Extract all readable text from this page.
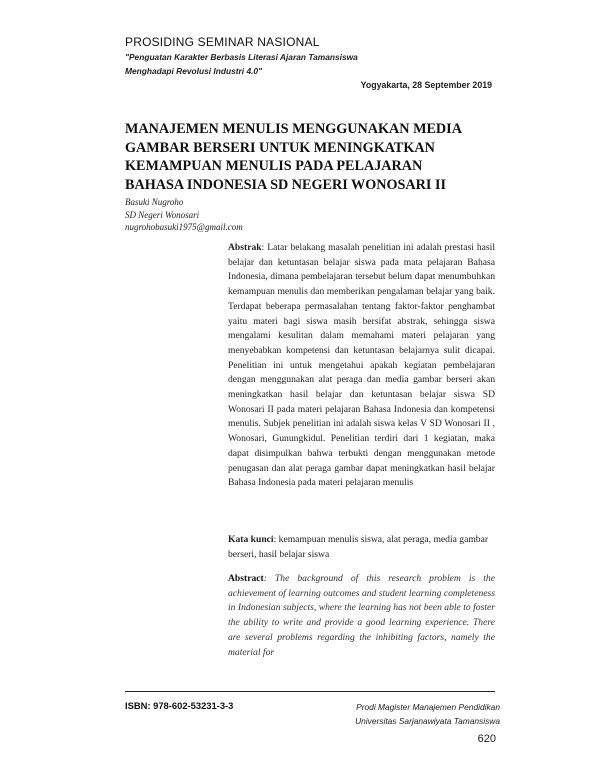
PROSIDING SEMINAR NASIONAL
"Penguatan Karakter Berbasis Literasi Ajaran Tamansiswa
Menghadapi Revolusi Industri 4.0"
Yogyakarta, 28 September 2019
MANAJEMEN MENULIS MENGGUNAKAN MEDIA
GAMBAR BERSERI UNTUK MENINGKATKAN
KEMAMPUAN MENULIS PADA PELAJARAN
BAHASA INDONESIA SD NEGERI WONOSARI II
Basuki Nugroho
SD Negeri Wonosari
nugrohobasuki1975@gmail.com
Abstrak: Latar belakang masalah penelitian ini adalah prestasi hasil belajar dan ketuntasan belajar siswa pada mata pelajaran Bahasa Indonesia, dimana pembelajaran tersebut belum dapat menumbuhkan kemampuan menulis dan memberikan pengalaman belajar yang baik. Terdapat beberapa permasalahan tentang faktor-faktor penghambat yaitu materi bagi siswa masih bersifat abstrak, sehingga siswa mengalami kesulitan dalam memahami materi pelajaran yang menyebabkan kompetensi dan ketuntasan belajarnya sulit dicapai. Penelitian ini untuk mengetahui apakah kegiatan pembelajaran dengan menggunakan alat peraga dan media gambar berseri akan meningkatkan hasil belajar dan ketuntasan belajar siswa SD Wonosari II pada materi pelajaran Bahasa Indonesia dan kompetensi menulis. Subjek penelitian ini adalah siswa kelas V SD Wonosari II , Wonosari, Gunungkidul. Penelitian terdiri dari 1 kegiatan, maka dapat disimpulkan bahwa terbukti dengan menggunakan metode penugasan dan alat peraga gambar dapat meningkatkan hasil belajar Bahasa Indonesia pada materi pelajaran menulis
Kata kunci: kemampuan menulis siswa, alat peraga, media gambar berseri, hasil belajar siswa
Abstract: The background of this research problem is the achievement of learning outcomes and student learning completeness in Indonesian subjects, where the learning has not been able to foster the ability to write and provide a good learning experience. There are several problems regarding the inhibiting factors, namely the material for
ISBN: 978-602-53231-3-3	Prodi Magister Manajemen Pendidikan
Universitas Sarjanawiyata Tamansiswa
620
